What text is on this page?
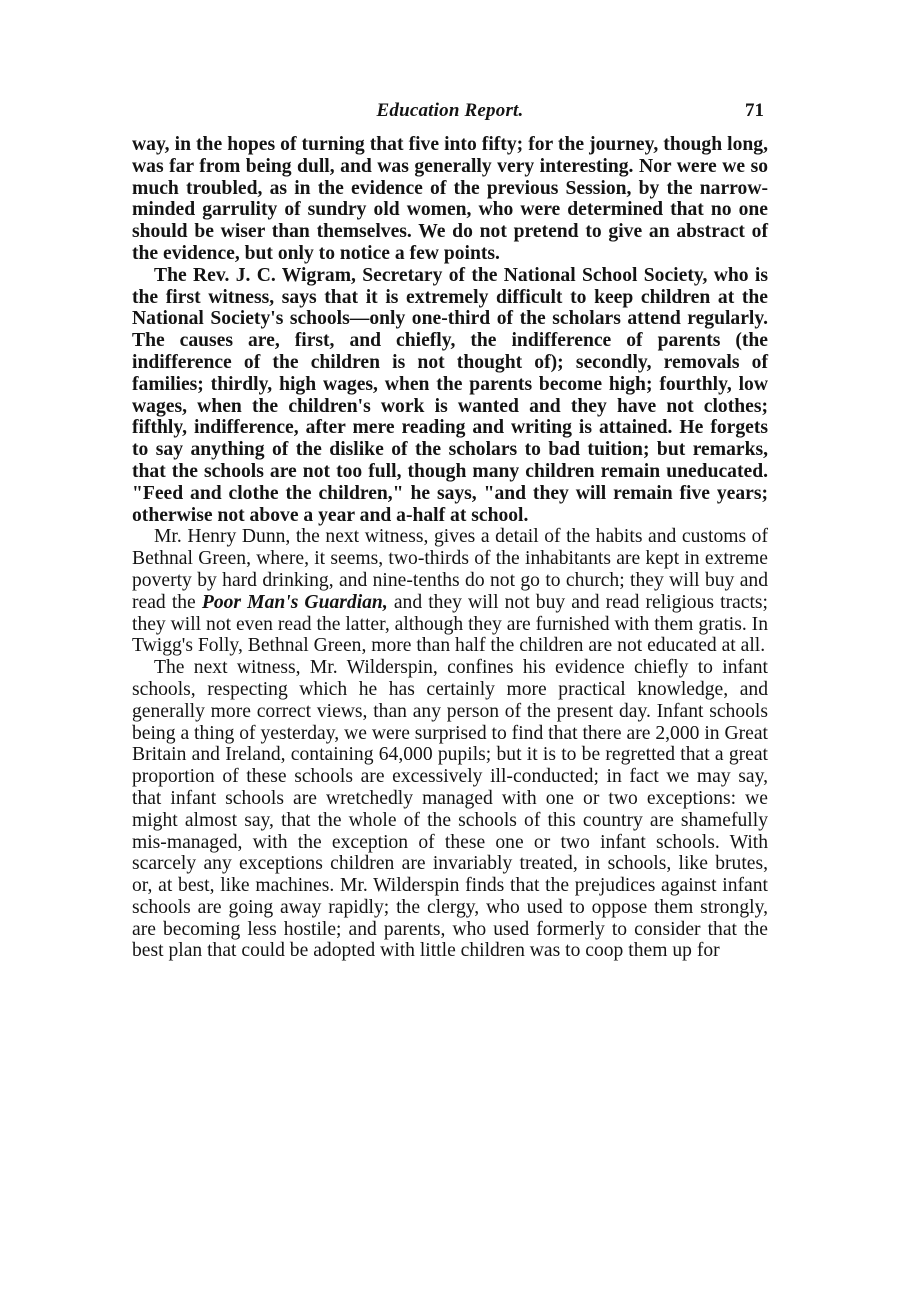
Education Report.	71

way, in the hopes of turning that five into fifty; for the journey, though long, was far from being dull, and was generally very interesting. Nor were we so much troubled, as in the evidence of the previous Session, by the narrow-minded garrulity of sundry old women, who were determined that no one should be wiser than themselves. We do not pretend to give an abstract of the evidence, but only to notice a few points.

The Rev. J. C. Wigram, Secretary of the National School Society, who is the first witness, says that it is extremely difficult to keep children at the National Society's schools—only one-third of the scholars attend regularly. The causes are, first, and chiefly, the indifference of parents (the indifference of the children is not thought of); secondly, removals of families; thirdly, high wages, when the parents become high; fourthly, low wages, when the children's work is wanted and they have not clothes; fifthly, indifference, after mere reading and writing is attained. He forgets to say anything of the dislike of the scholars to bad tuition; but remarks, that the schools are not too full, though many children remain uneducated. "Feed and clothe the children," he says, "and they will remain five years; otherwise not above a year and a-half at school.

Mr. Henry Dunn, the next witness, gives a detail of the habits and customs of Bethnal Green, where, it seems, two-thirds of the inhabitants are kept in extreme poverty by hard drinking, and nine-tenths do not go to church; they will buy and read the Poor Man's Guardian, and they will not buy and read religious tracts; they will not even read the latter, although they are furnished with them gratis. In Twigg's Folly, Bethnal Green, more than half the children are not educated at all.

The next witness, Mr. Wilderspin, confines his evidence chiefly to infant schools, respecting which he has certainly more practical knowledge, and generally more correct views, than any person of the present day. Infant schools being a thing of yesterday, we were surprised to find that there are 2,000 in Great Britain and Ireland, containing 64,000 pupils; but it is to be regretted that a great proportion of these schools are excessively ill-conducted; in fact we may say, that infant schools are wretchedly managed with one or two exceptions: we might almost say, that the whole of the schools of this country are shamefully mis-managed, with the exception of these one or two infant schools. With scarcely any exceptions children are invariably treated, in schools, like brutes, or, at best, like machines. Mr. Wilderspin finds that the prejudices against infant schools are going away rapidly; the clergy, who used to oppose them strongly, are becoming less hostile; and parents, who used formerly to consider that the best plan that could be adopted with little children was to coop them up for
